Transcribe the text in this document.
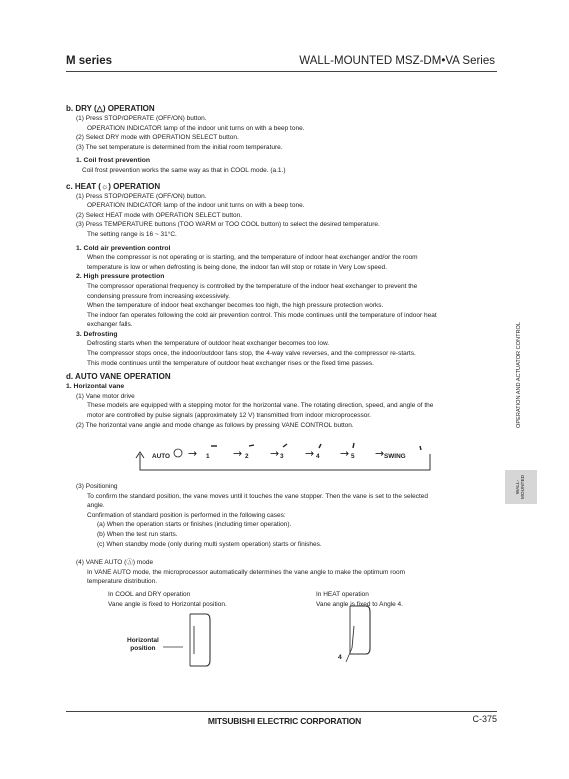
M series	WALL-MOUNTED MSZ-DM•VA Series

b. DRY (△) OPERATION

(1) Press STOP/OPERATE (OFF/ON) button.

OPERATION INDICATOR lamp of the indoor unit turns on with a beep tone.

(2) Select DRY mode with OPERATION SELECT button.

(3) The set temperature is determined from the initial room temperature.

1. Coil frost prevention

Coil frost prevention works the same way as that in COOL mode. (a.1.)

c. HEAT (☼) OPERATION

(1) Press STOP/OPERATE (OFF/ON) button.

OPERATION INDICATOR lamp of the indoor unit turns on with a beep tone.

(2) Select HEAT mode with OPERATION SELECT button.

(3) Press TEMPERATURE buttons (TOO WARM or TOO COOL button) to select the desired temperature.

The setting range is 16 ~ 31°C.

1. Cold air prevention control

When the compressor is not operating or is starting, and the temperature of indoor heat exchanger and/or the room

temperature is low or when defrosting is being done, the indoor fan will stop or rotate in Very Low speed.

2. High pressure protection

The compressor operational frequency is controlled by the temperature of the indoor heat exchanger to prevent the

condensing pressure from increasing excessively.

When the temperature of indoor heat exchanger becomes too high, the high pressure protection works.

The indoor fan operates following the cold air prevention control. This mode continues until the temperature of indoor heat

exchanger falls.

3. Defrosting

Defrosting starts when the temperature of outdoor heat exchanger becomes too low.

The compressor stops once, the indoor/outdoor fans stop, the 4-way valve reverses, and the compressor re-starts.

This mode continues until the temperature of outdoor heat exchanger rises or the fixed time passes.

d. AUTO VANE OPERATION

1. Horizontal vane

(1) Vane motor drive

These models are equipped with a stepping motor for the horizontal vane. The rotating direction, speed, and angle of the

motor are controlled by pulse signals (approximately 12 V) transmitted from indoor microprocessor.

(2) The horizontal vane angle and mode change as follows by pressing VANE CONTROL button.

→	→	→ → → →
AUTO	1	2	3	4	5	SWING

(3) Positioning

To confirm the standard position, the vane moves until it touches the vane stopper. Then the vane is set to the selected

angle.

Confirmation of standard position is performed in the following cases:

(a) When the operation starts or finishes (including timer operation).

(b) When the test run starts.

(c) When standby mode (only during multi system operation) starts or finishes.

(4) VANE AUTO (Ⓐ) mode

In VANE AUTO mode, the microprocessor automatically determines the vane angle to make the optimum room

temperature distribution.

In COOL and DRY operation
Vane angle is fixed to Horizontal position.
In HEAT operation
Vane angle is fixed to Angle 4.
Horizontal
position
4
OPERATION AND ACTUATOR CONTROL
WALL-
MOUNTED
MITSUBISHI ELECTRIC CORPORATION	C-375
